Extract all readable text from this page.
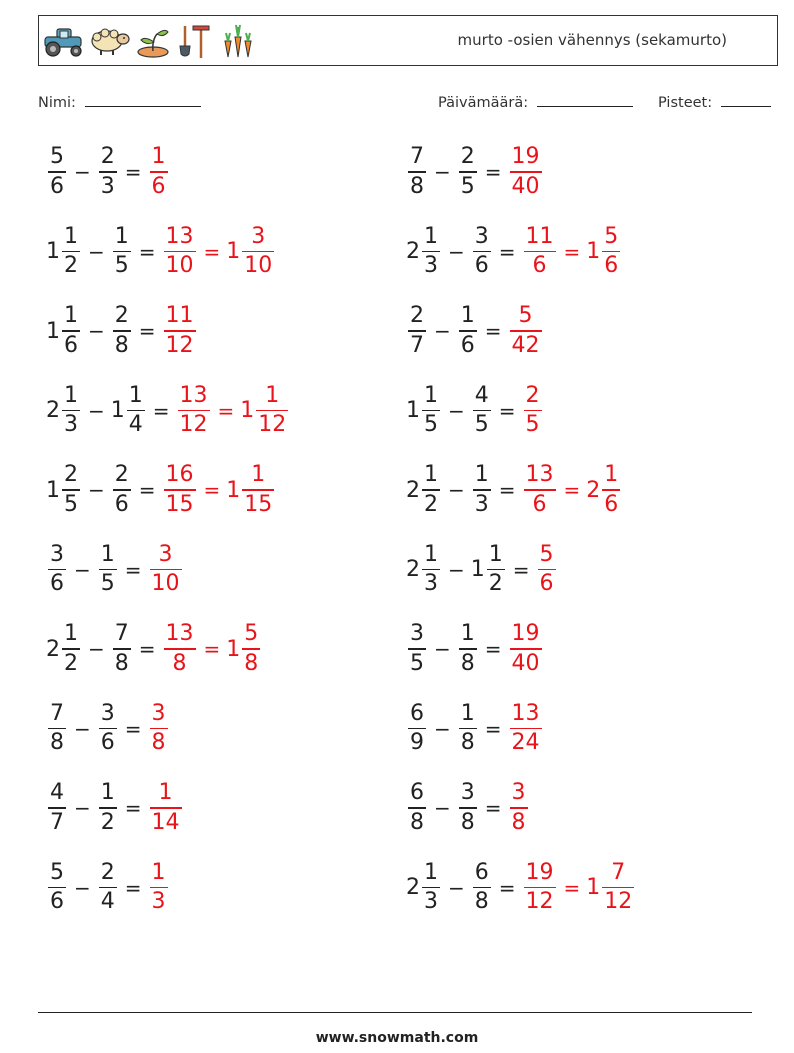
murto -osien vähennys (sekamurto)
Nimi:	Päivämäärä:	Pisteet:
$\frac{5}{6} - \frac{2}{3} = \frac{1}{6}$	$\frac{7}{8} - \frac{2}{5} = \frac{19}{40}$
$1 \frac{1}{2} - \frac{1}{5} = \frac{13}{10} = 1 \frac{3}{10}$	$2 \frac{1}{3} - \frac{3}{6} = \frac{11}{6} = 1 \frac{5}{6}$
$1 \frac{1}{6} - \frac{2}{8} = \frac{11}{12}$	$\frac{2}{7} - \frac{1}{6} = \frac{5}{42}$
$2 \frac{1}{3} - 1 \frac{1}{4} = \frac{13}{12} = 1 \frac{1}{12}$	$1 \frac{1}{5} - \frac{4}{5} = \frac{2}{5}$
$1 \frac{2}{5} - \frac{2}{6} = \frac{16}{15} = 1 \frac{1}{15}$	$2 \frac{1}{2} - \frac{1}{3} = \frac{13}{6} = 2 \frac{1}{6}$
$\frac{3}{6} - \frac{1}{5} = \frac{3}{10}$	$2 \frac{1}{3} - 1 \frac{1}{2} = \frac{5}{6}$
$2 \frac{1}{2} - \frac{7}{8} = \frac{13}{8} = 1 \frac{5}{8}$	$\frac{3}{5} - \frac{1}{8} = \frac{19}{40}$
$\frac{7}{8} - \frac{3}{6} = \frac{3}{8}$	$\frac{6}{9} - \frac{1}{8} = \frac{13}{24}$
$\frac{4}{7} - \frac{1}{2} = \frac{1}{14}$	$\frac{6}{8} - \frac{3}{8} = \frac{3}{8}$
$\frac{5}{6} - \frac{2}{4} = \frac{1}{3}$	$2 \frac{1}{3} - \frac{6}{8} = \frac{19}{12} = 1 \frac{7}{12}$
www.snowmath.com
